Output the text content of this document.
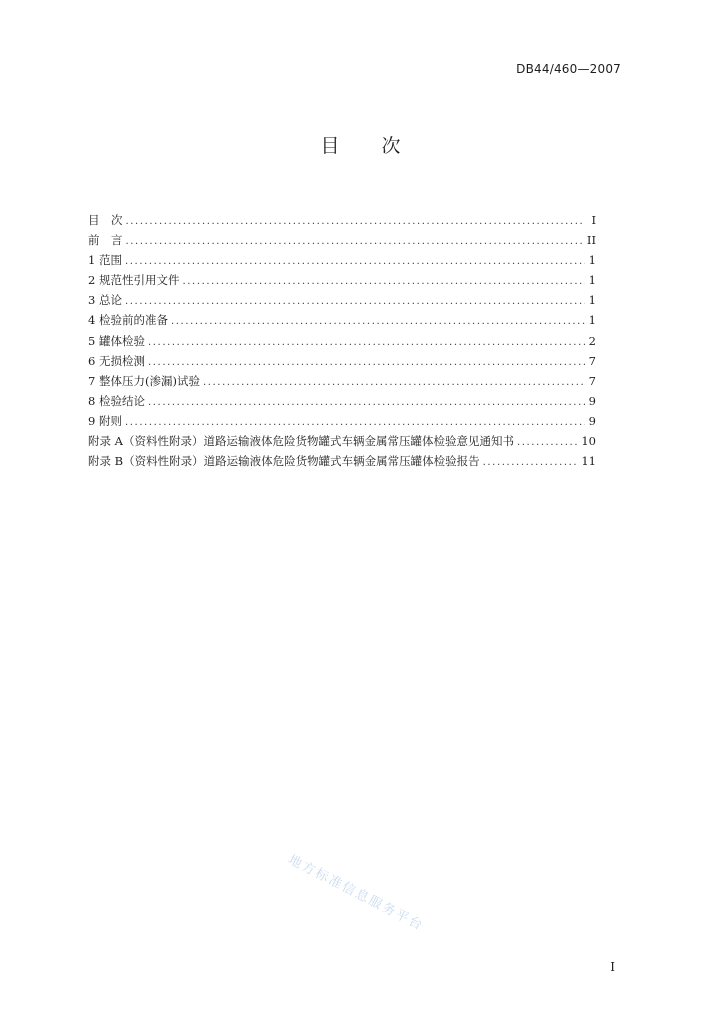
DB44/460—2007
目 次
目　次 .....	I
前　言 .....	II
1 范围 .....	1
2 规范性引用文件 .....	1
3 总论 .....	1
4 检验前的准备 .....	1
5 罐体检验 .....	2
6 无损检测 .....	7
7 整体压力(渗漏)试验 .....	7
8 检验结论 .....	9
9 附则 .....	9
附录 A（资料性附录）道路运输液体危险货物罐式车辆金属常压罐体检验意见通知书 .....	10
附录 B（资料性附录）道路运输液体危险货物罐式车辆金属常压罐体检验报告 .....	11
地方标准信息服务平台
I
